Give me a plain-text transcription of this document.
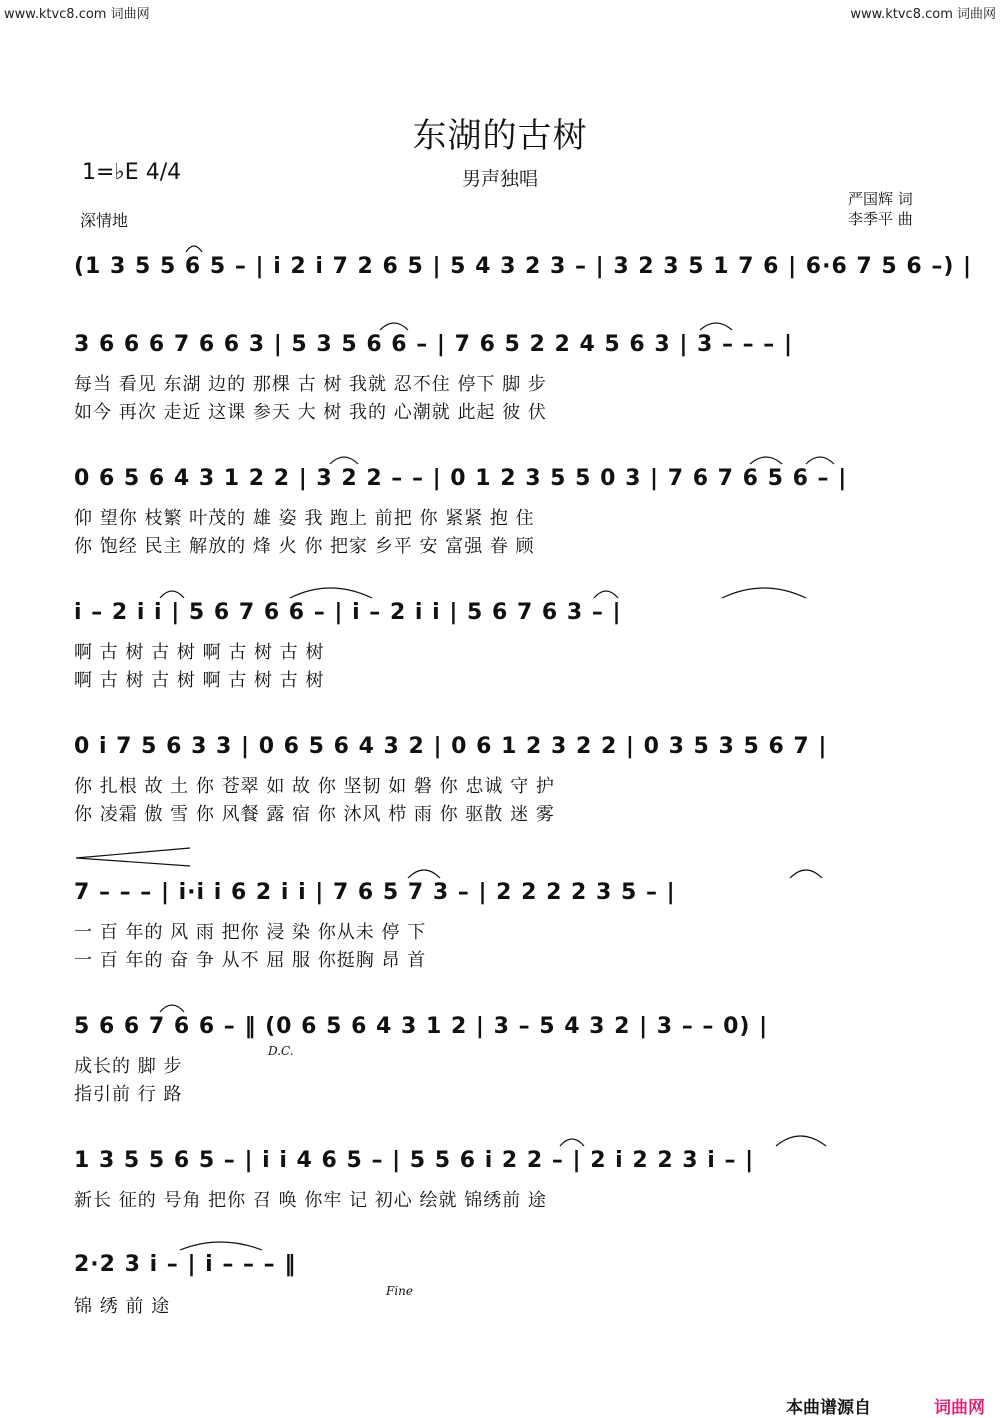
www.ktvc8.com 词曲网	www.ktvc8.com 词曲网
东湖的古树
男声独唱
1=♭E 4/4
深情地
严国辉 词
李季平 曲
(1 3 5 5 6 5 – | i 2 i 7 2 6 5 | 5 4 3 2 3 – | 3 2 3 5 1 7 6 | 6·6 7 5 6 –) |
3 6 6 6 7 6 6 3 | 5 3 5 6 6 – | 7 6 5 2 2 4 5 6 3 | 3 – – – |
每当 看见 东湖 边的 那棵 古 树 我就 忍不住 停下 脚 步
如今 再次 走近 这课 参天 大 树 我的 心潮就 此起 彼 伏
0 6 5 6 4 3 1 2 2 | 3 2 2 – – | 0 1 2 3 5 5 0 3 | 7 6 7 6 5 6 – |
仰 望你 枝繁 叶茂的 雄 姿 我 跑上 前把 你 紧紧 抱 住
你 饱经 民主 解放的 烽 火 你 把家 乡平 安 富强 眷 顾
i – 2 i i | 5 6 7 6 6 – | i – 2 i i | 5 6 7 6 3 – |
啊 古 树 古 树 啊 古 树 古 树
啊 古 树 古 树 啊 古 树 古 树
0 i 7 5 6 3 3 | 0 6 5 6 4 3 2 | 0 6 1 2 3 2 2 | 0 3 5 3 5 6 7 |
你 扎根 故 土 你 苍翠 如 故 你 坚韧 如 磐 你 忠诚 守 护
你 凌霜 傲 雪 你 风餐 露 宿 你 沐风 栉 雨 你 驱散 迷 雾
7 – – – | i·i i 6 2 i i | 7 6 5 7 3 – | 2 2 2 2 3 5 – |
一 百 年的 风 雨 把你 浸 染 你从未 停 下
一 百 年的 奋 争 从不 屈 服 你挺胸 昂 首
5 6 6 7 6 6 – ‖ (0 6 5 6 4 3 1 2 | 3 – 5 4 3 2 | 3 – – 0) |
成长的 脚 步
指引前 行 路
D.C.
1 3 5 5 6 5 – | i i 4 6 5 – | 5 5 6 i 2 2 – | 2 i 2 2 3 i – |
新长 征的 号角 把你 召 唤 你牢 记 初心 绘就 锦绣前 途
2·2 3 i – | i – – – ‖
锦 绣 前 途
Fine
本曲谱源自	词曲网
